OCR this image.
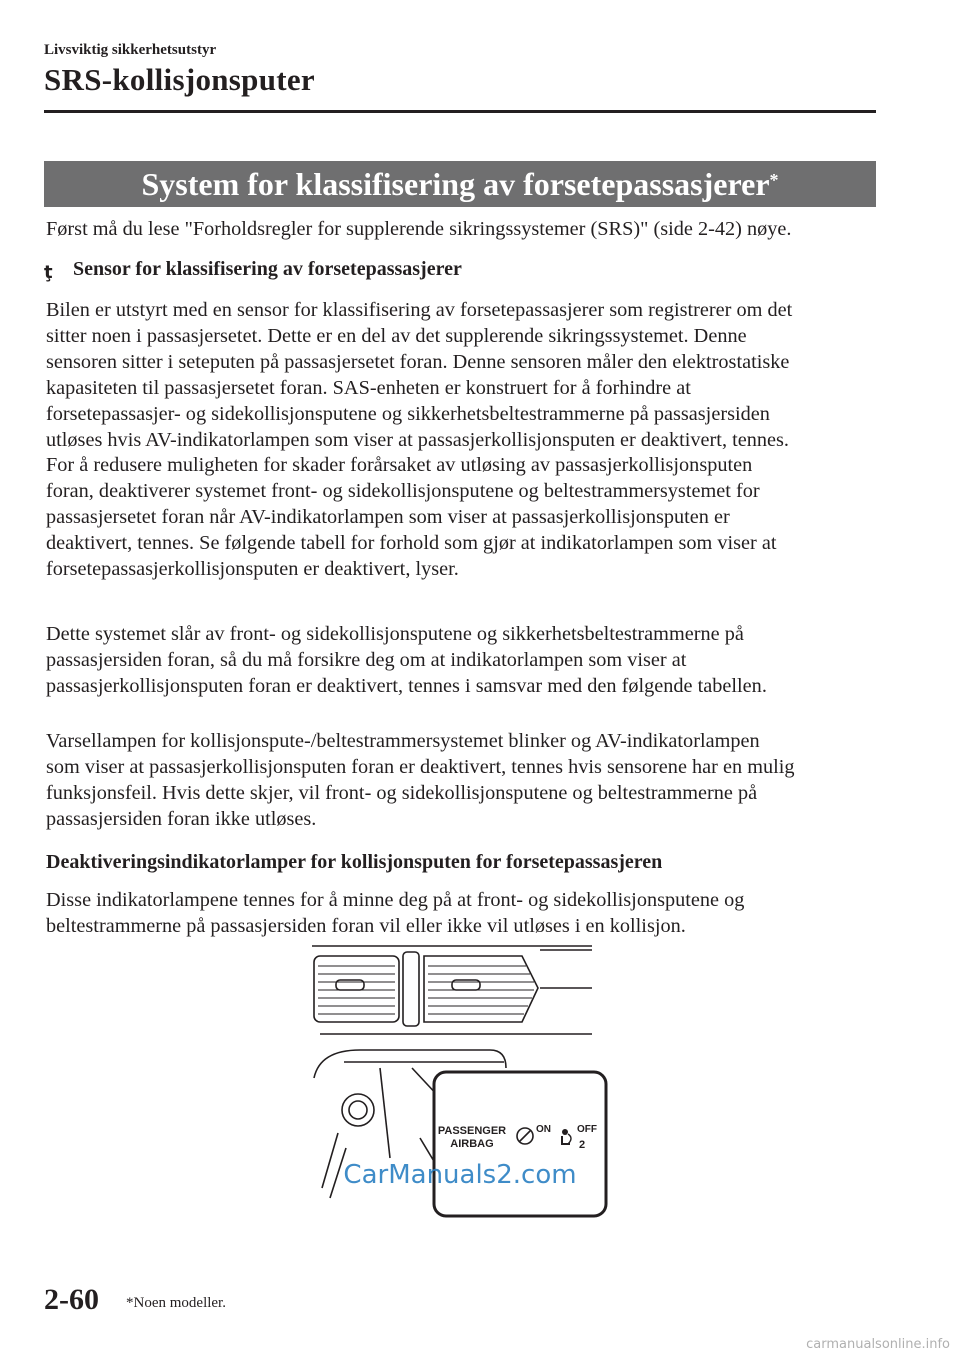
Livsviktig sikkerhetsutstyr
SRS-kollisjonsputer
System for klassifisering av forsetepassasjerer*
Først må du lese "Forholdsregler for supplerende sikringssystemer (SRS)" (side 2-42) nøye.
ţ Sensor for klassifisering av forsetepassasjerer
Bilen er utstyrt med en sensor for klassifisering av forsetepassasjerer som registrerer om det
sitter noen i passasjersetet. Dette er en del av det supplerende sikringssystemet. Denne
sensoren sitter i seteputen på passasjersetet foran. Denne sensoren måler den elektrostatiske
kapasiteten til passasjersetet foran. SAS-enheten er konstruert for å forhindre at
forsetepassasjer- og sidekollisjonsputene og sikkerhetsbeltestrammerne på passasjersiden
utløses hvis AV-indikatorlampen som viser at passasjerkollisjonsputen er deaktivert, tennes.
For å redusere muligheten for skader forårsaket av utløsing av passasjerkollisjonsputen
foran, deaktiverer systemet front- og sidekollisjonsputene og beltestrammersystemet for
passasjersetet foran når AV-indikatorlampen som viser at passasjerkollisjonsputen er
deaktivert, tennes. Se følgende tabell for forhold som gjør at indikatorlampen som viser at
forsetepassasjerkollisjonsputen er deaktivert, lyser.
Dette systemet slår av front- og sidekollisjonsputene og sikkerhetsbeltestrammerne på
passasjersiden foran, så du må forsikre deg om at indikatorlampen som viser at
passasjerkollisjonsputen foran er deaktivert, tennes i samsvar med den følgende tabellen.
Varsellampen for kollisjonspute-/beltestrammersystemet blinker og AV-indikatorlampen
som viser at passasjerkollisjonsputen foran er deaktivert, tennes hvis sensorene har en mulig
funksjonsfeil. Hvis dette skjer, vil front- og sidekollisjonsputene og beltestrammerne på
passasjersiden foran ikke utløses.
Deaktiveringsindikatorlamper for kollisjonsputen for forsetepassasjeren
Disse indikatorlampene tennes for å minne deg på at front- og sidekollisjonsputene og
beltestrammerne på passasjersiden foran vil eller ikke vil utløses i en kollisjon.
PASSENGER
AIRBAG
ON	OFF
2
CarManuals2.com
2-60 *Noen modeller.
carmanualsonline.info
